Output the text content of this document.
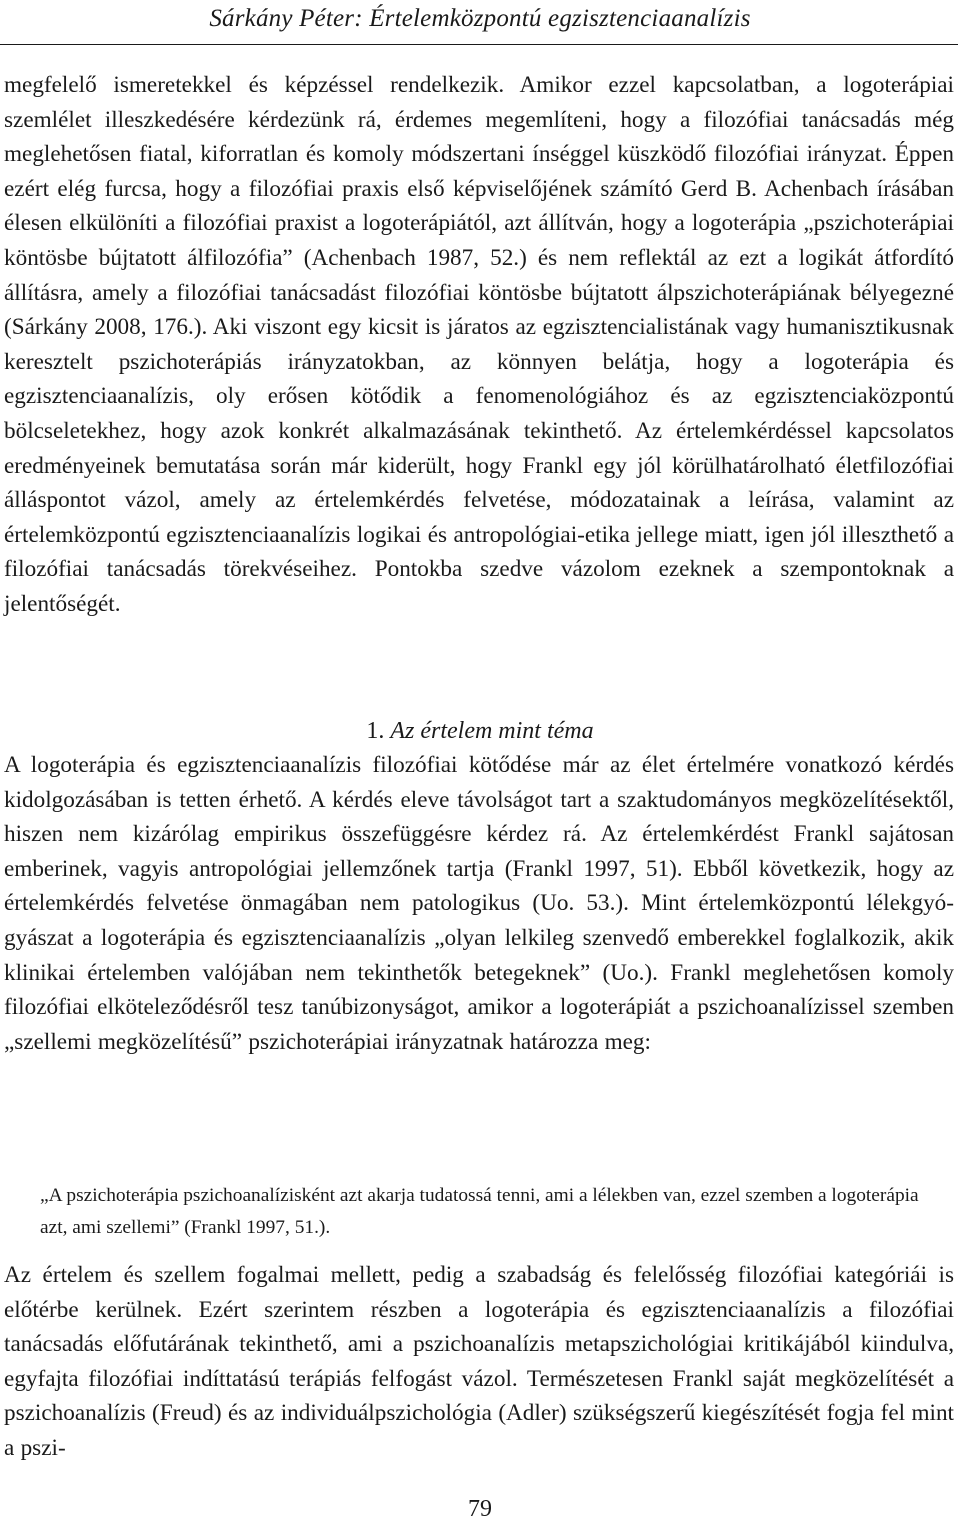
Sárkány Péter: Értelemközpontú egzisztenciaanalízis

megfelelő ismeretekkel és képzéssel rendelkezik. Amikor ezzel kapcsolatban, a logoterápiai szemlélet illeszkedésére kérdezünk rá, érdemes megemlíteni, hogy a filozófiai tanácsadás még meglehetősen fiatal, kiforratlan és komoly módszertani ínséggel küszködő filozófiai irányzat. Éppen ezért elég furcsa, hogy a filozófiai praxis első képviselőjének számító Gerd B. Achenbach írásában élesen elkülöníti a filozófiai praxist a logoterápiától, azt állítván, hogy a logoterápia „pszichoterápiai köntösbe bújtatott álfilozófia” (Achenbach 1987, 52.) és nem reflektál az ezt a logikát átfordító állításra, amely a filozófiai tanácsadást filozófiai köntösbe bújtatott álpszichoterápiának bélyegezné (Sárkány 2008, 176.). Aki viszont egy kicsit is járatos az egzisztencialistának vagy humanisztikusnak keresztelt pszichoterápiás irányzatokban, az könnyen belátja, hogy a logoterápia és egzisztenciaanalízis, oly erősen kötődik a fenomenológiához és az egzisztenciaközpontú bölcseletekhez, hogy azok konkrét alkalmazásának tekinthető. Az értelemkérdéssel kapcsolatos eredményeinek bemutatása során már kiderült, hogy Frankl egy jól körülhatárolható életfilozófiai álláspontot vázol, amely az értelemkérdés felvetése, módozatainak a leírása, valamint az értelemközpontú egzisztenciaanalízis logikai és antropológiai-etika jellege miatt, igen jól illeszthető a filozófiai tanácsadás törekvéseihez. Pontokba szedve vázolom ezeknek a szempontoknak a jelentőségét.

1. Az értelem mint téma

A logoterápia és egzisztenciaanalízis filozófiai kötődése már az élet értelmére vonatkozó kérdés kidolgozásában is tetten érhető. A kérdés eleve távolságot tart a szaktudományos megközelítésektől, hiszen nem kizárólag empirikus összefüggésre kérdez rá. Az értelemkérdést Frankl sajátosan emberinek, vagyis antropológiai jellemzőnek tartja (Frankl 1997, 51). Ebből következik, hogy az értelemkérdés felvetése önmagában nem patologikus (Uo. 53.). Mint értelemközpontú lélekgyógyászat a logoterápia és egzisztenciaanalízis „olyan lelkileg szenvedő emberekkel foglalkozik, akik klinikai értelemben valójában nem tekinthetők betegeknek” (Uo.). Frankl meglehetősen komoly filozófiai elköteleződésről tesz tanúbizonyságot, amikor a logoterápiát a pszichoanalízissel szemben „szellemi megközelítésű” pszichoterápiai irányzatnak határozza meg:

„A pszichoterápia pszichoanalízisként azt akarja tudatossá tenni, ami a lélekben van, ezzel szemben a logoterápia azt, ami szellemi” (Frankl 1997, 51.).

Az értelem és szellem fogalmai mellett, pedig a szabadság és felelősség filozófiai kategóriái is előtérbe kerülnek. Ezért szerintem részben a logoterápia és egzisztenciaanalízis a filozófiai tanácsadás előfutárának tekinthető, ami a pszichoanalízis metapszichológiai kritikájából kiindulva, egyfajta filozófiai indíttatású terápiás felfogást vázol. Természetesen Frankl saját megközelítését a pszichoanalízis (Freud) és az individuálpszichológia (Adler) szükségszerű kiegészítését fogja fel mint a pszi-

79
